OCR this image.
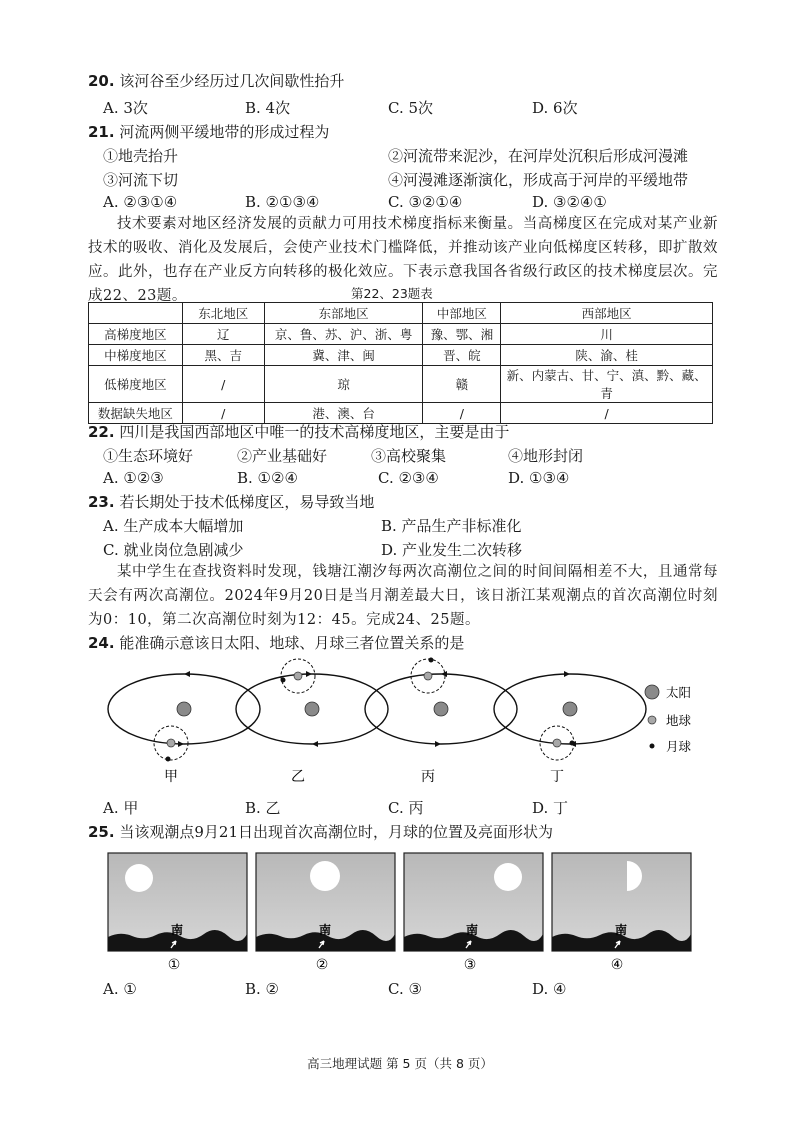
20. 该河谷至少经历过几次间歇性抬升
A. 3次	B. 4次	C. 5次	D. 6次
21. 河流两侧平缓地带的形成过程为
①地壳抬升	②河流带来泥沙，在河岸处沉积后形成河漫滩
③河流下切	④河漫滩逐渐演化，形成高于河岸的平缓地带
A. ②③①④	B. ②①③④	C. ③②①④	D. ③②④①
技术要素对地区经济发展的贡献力可用技术梯度指标来衡量。当高梯度区在完成对某产业新技术的吸收、消化及发展后，会使产业技术门槛降低，并推动该产业向低梯度区转移，即扩散效应。此外，也存在产业反方向转移的极化效应。下表示意我国各省级行政区的技术梯度层次。完成22、23题。	第22、23题表
	东北地区	东部地区	中部地区	西部地区
高梯度地区	辽	京、鲁、苏、沪、浙、粤	豫、鄂、湘	川
中梯度地区	黑、吉	冀、津、闽	晋、皖	陕、渝、桂
低梯度地区	/	琼	赣	新、内蒙古、甘、宁、滇、黔、藏、青
数据缺失地区	/	港、澳、台	/	/
22. 四川是我国西部地区中唯一的技术高梯度地区，主要是由于
①生态环境好	②产业基础好	③高校聚集	④地形封闭
A. ①②③	B. ①②④	C. ②③④	D. ①③④
23. 若长期处于技术低梯度区，易导致当地
A. 生产成本大幅增加	B. 产品生产非标准化
C. 就业岗位急剧减少	D. 产业发生二次转移
某中学生在查找资料时发现，钱塘江潮汐每两次高潮位之间的时间间隔相差不大，且通常每天会有两次高潮位。2024年9月20日是当月潮差最大日，该日浙江某观潮点的首次高潮位时刻为0：10，第二次高潮位时刻为12：45。完成24、25题。
24. 能准确示意该日太阳、地球、月球三者位置关系的是
甲	乙	丙	丁
太阳
地球
月球
A. 甲	B. 乙	C. 丙	D. 丁
25. 当该观潮点9月21日出现首次高潮位时，月球的位置及亮面形状为
南
①
南
②
南
③
南
④
A. ①	B. ②	C. ③	D. ④
高三地理试题 第 5 页（共 8 页）
